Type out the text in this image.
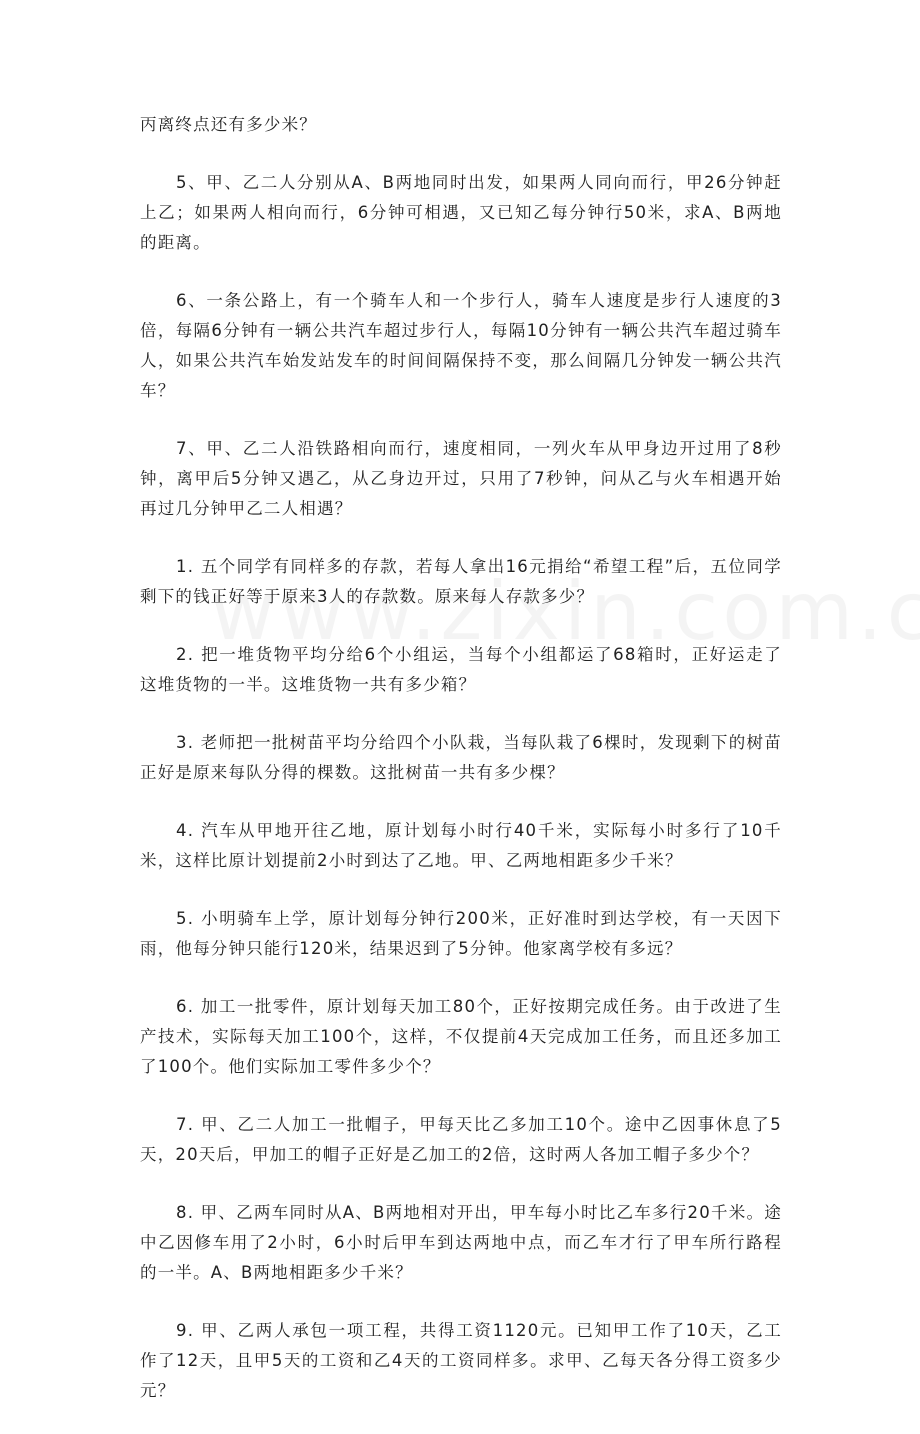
丙离终点还有多少米？

5、甲、乙二人分别从A、B两地同时出发，如果两人同向而行，甲26分钟赶上乙；如果两人相向而行，6分钟可相遇，又已知乙每分钟行50米，求A、B两地的距离。

6、一条公路上，有一个骑车人和一个步行人，骑车人速度是步行人速度的3倍，每隔6分钟有一辆公共汽车超过步行人，每隔10分钟有一辆公共汽车超过骑车人，如果公共汽车始发站发车的时间间隔保持不变，那么间隔几分钟发一辆公共汽车？

7、甲、乙二人沿铁路相向而行，速度相同，一列火车从甲身边开过用了8秒钟，离甲后5分钟又遇乙，从乙身边开过，只用了7秒钟，问从乙与火车相遇开始再过几分钟甲乙二人相遇？

1. 五个同学有同样多的存款，若每人拿出16元捐给“希望工程”后，五位同学剩下的钱正好等于原来3人的存款数。原来每人存款多少？

2. 把一堆货物平均分给6个小组运，当每个小组都运了68箱时，正好运走了这堆货物的一半。这堆货物一共有多少箱？

3. 老师把一批树苗平均分给四个小队栽，当每队栽了6棵时，发现剩下的树苗正好是原来每队分得的棵数。这批树苗一共有多少棵？

4. 汽车从甲地开往乙地，原计划每小时行40千米，实际每小时多行了10千米，这样比原计划提前2小时到达了乙地。甲、乙两地相距多少千米？

5. 小明骑车上学，原计划每分钟行200米，正好准时到达学校，有一天因下雨，他每分钟只能行120米，结果迟到了5分钟。他家离学校有多远？

6. 加工一批零件，原计划每天加工80个，正好按期完成任务。由于改进了生产技术，实际每天加工100个，这样，不仅提前4天完成加工任务，而且还多加工了100个。他们实际加工零件多少个？

7. 甲、乙二人加工一批帽子，甲每天比乙多加工10个。途中乙因事休息了5天，20天后，甲加工的帽子正好是乙加工的2倍，这时两人各加工帽子多少个？

8. 甲、乙两车同时从A、B两地相对开出，甲车每小时比乙车多行20千米。途中乙因修车用了2小时，6小时后甲车到达两地中点，而乙车才行了甲车所行路程的一半。A、B两地相距多少千米？

9. 甲、乙两人承包一项工程，共得工资1120元。已知甲工作了10天，乙工作了12天，且甲5天的工资和乙4天的工资同样多。求甲、乙每天各分得工资多少元？
